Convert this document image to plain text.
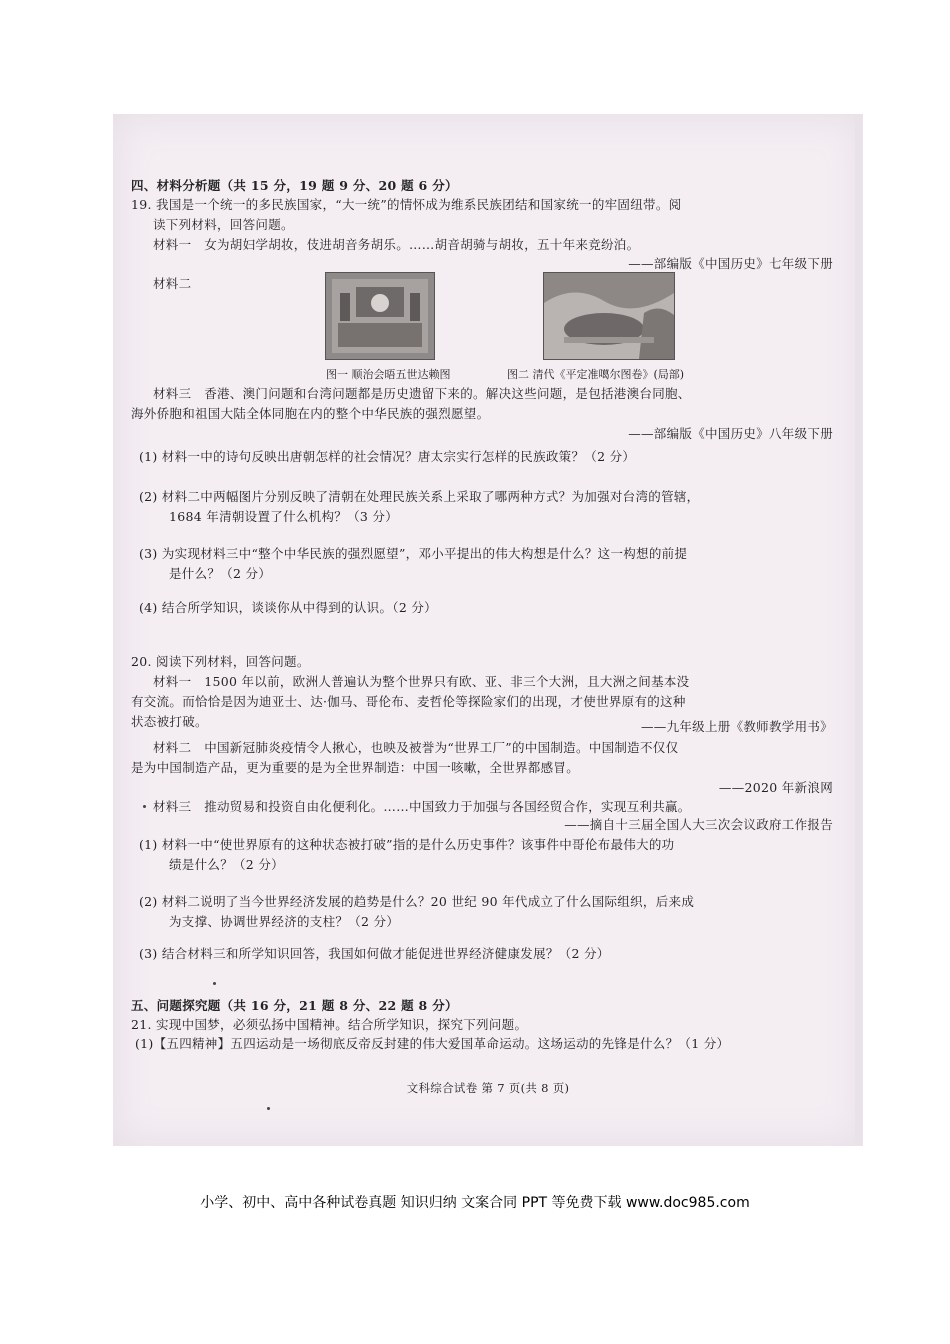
四、材料分析题（共 15 分，19 题 9 分、20 题 6 分）
19. 我国是一个统一的多民族国家，“大一统”的情怀成为维系民族团结和国家统一的牢固纽带。阅
读下列材料，回答问题。
材料一　女为胡妇学胡妆，伎进胡音务胡乐。……胡音胡骑与胡妆，五十年来竞纷泊。
——部编版《中国历史》七年级下册
材料二
图一 顺治会晤五世达赖图	图二 清代《平定准噶尔图卷》(局部)
材料三　香港、澳门问题和台湾问题都是历史遗留下来的。解决这些问题，是包括港澳台同胞、
海外侨胞和祖国大陆全体同胞在内的整个中华民族的强烈愿望。
——部编版《中国历史》八年级下册
(1) 材料一中的诗句反映出唐朝怎样的社会情况？唐太宗实行怎样的民族政策？（2 分）
(2) 材料二中两幅图片分别反映了清朝在处理民族关系上采取了哪两种方式？为加强对台湾的管辖，
1684 年清朝设置了什么机构？（3 分）
(3) 为实现材料三中“整个中华民族的强烈愿望”，邓小平提出的伟大构想是什么？这一构想的前提
是什么？（2 分）
(4) 结合所学知识，谈谈你从中得到的认识。（2 分）
20. 阅读下列材料，回答问题。
材料一　1500 年以前，欧洲人普遍认为整个世界只有欧、亚、非三个大洲，且大洲之间基本没
有交流。而恰恰是因为迪亚士、达·伽马、哥伦布、麦哲伦等探险家们的出现，才使世界原有的这种
状态被打破。	——九年级上册《教师教学用书》
材料二　中国新冠肺炎疫情令人揪心，也映及被誉为“世界工厂”的中国制造。中国制造不仅仅
是为中国制造产品，更为重要的是为全世界制造：中国一咳嗽，全世界都感冒。
——2020 年新浪网
材料三　推动贸易和投资自由化便利化。……中国致力于加强与各国经贸合作，实现互利共赢。
——摘自十三届全国人大三次会议政府工作报告
(1) 材料一中“使世界原有的这种状态被打破”指的是什么历史事件？该事件中哥伦布最伟大的功
绩是什么？（2 分）
(2) 材料二说明了当今世界经济发展的趋势是什么？20 世纪 90 年代成立了什么国际组织，后来成
为支撑、协调世界经济的支柱？（2 分）
(3) 结合材料三和所学知识回答，我国如何做才能促进世界经济健康发展？（2 分）
五、问题探究题（共 16 分，21 题 8 分、22 题 8 分）
21. 实现中国梦，必须弘扬中国精神。结合所学知识，探究下列问题。
(1)【五四精神】五四运动是一场彻底反帝反封建的伟大爱国革命运动。这场运动的先锋是什么？（1 分）
文科综合试卷 第 7 页(共 8 页)
小学、初中、高中各种试卷真题 知识归纳 文案合同 PPT 等免费下载 www.doc985.com
